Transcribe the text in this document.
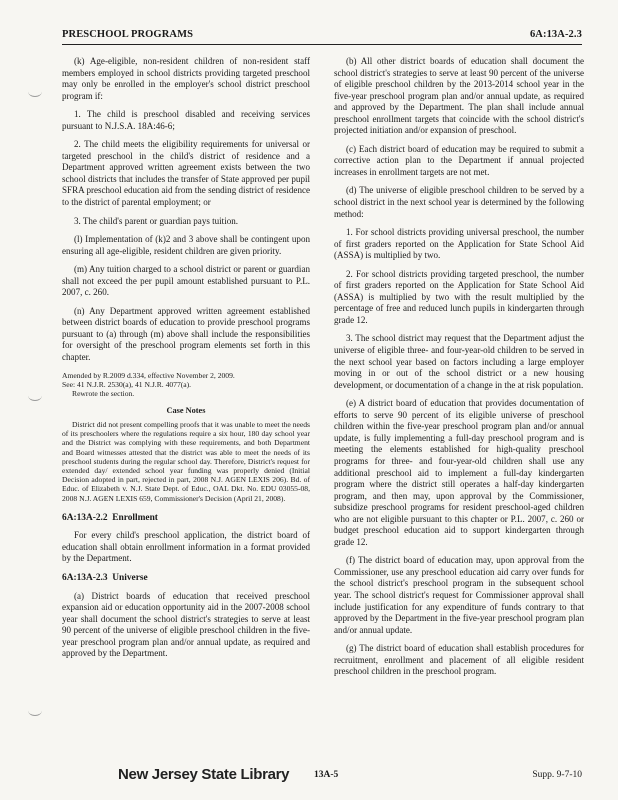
PRESCHOOL PROGRAMS	6A:13A-2.3

(k) Age-eligible, non-resident children of non-resident staff members employed in school districts providing targeted preschool may only be enrolled in the employer's school district preschool program if:

1. The child is preschool disabled and receiving services pursuant to N.J.S.A. 18A:46-6;

2. The child meets the eligibility requirements for universal or targeted preschool in the child's district of residence and a Department approved written agreement exists between the two school districts that includes the transfer of State approved per pupil SFRA preschool education aid from the sending district of residence to the district of parental employment; or

3. The child's parent or guardian pays tuition.

(l) Implementation of (k)2 and 3 above shall be contingent upon ensuring all age-eligible, resident children are given priority.

(m) Any tuition charged to a school district or parent or guardian shall not exceed the per pupil amount established pursuant to P.L. 2007, c. 260.

(n) Any Department approved written agreement established between district boards of education to provide preschool programs pursuant to (a) through (m) above shall include the responsibilities for oversight of the preschool program elements set forth in this chapter.

Amended by R.2009 d.334, effective November 2, 2009.
See: 41 N.J.R. 2530(a), 41 N.J.R. 4077(a).
Rewrote the section.
Case Notes
District did not present compelling proofs that it was unable to meet the needs of its preschoolers where the regulations require a six hour, 180 day school year and the District was complying with these requirements, and both Department and Board witnesses attested that the district was able to meet the needs of its preschool students during the regular school day. Therefore, District's request for extended day/ extended school year funding was properly denied (Initial Decision adopted in part, rejected in part, 2008 N.J. AGEN LEXIS 206). Bd. of Educ. of Elizabeth v. N.J. State Dept. of Educ., OAL Dkt. No. EDU 03055-08, 2008 N.J. AGEN LEXIS 659, Commissioner's Decision (April 21, 2008).
6A:13A-2.2 Enrollment

For every child's preschool application, the district board of education shall obtain enrollment information in a format provided by the Department.

6A:13A-2.3 Universe

(a) District boards of education that received preschool expansion aid or education opportunity aid in the 2007-2008 school year shall document the school district's strategies to serve at least 90 percent of the universe of eligible preschool children in the five-year preschool program plan and/or annual update, as required and approved by the Department.

(b) All other district boards of education shall document the school district's strategies to serve at least 90 percent of the universe of eligible preschool children by the 2013-2014 school year in the five-year preschool program plan and/or annual update, as required and approved by the Department. The plan shall include annual preschool enrollment targets that coincide with the school district's projected initiation and/or expansion of preschool.

(c) Each district board of education may be required to submit a corrective action plan to the Department if annual projected increases in enrollment targets are not met.

(d) The universe of eligible preschool children to be served by a school district in the next school year is determined by the following method:

1. For school districts providing universal preschool, the number of first graders reported on the Application for State School Aid (ASSA) is multiplied by two.

2. For school districts providing targeted preschool, the number of first graders reported on the Application for State School Aid (ASSA) is multiplied by two with the result multiplied by the percentage of free and reduced lunch pupils in kindergarten through grade 12.

3. The school district may request that the Department adjust the universe of eligible three- and four-year-old children to be served in the next school year based on factors including a large employer moving in or out of the school district or a new housing development, or documentation of a change in the at risk population.

(e) A district board of education that provides documentation of efforts to serve 90 percent of its eligible universe of preschool children within the five-year preschool program plan and/or annual update, is fully implementing a full-day preschool program and is meeting the elements established for high-quality preschool programs for three- and four-year-old children shall use any additional preschool aid to implement a full-day kindergarten program where the district still operates a half-day kindergarten program, and then may, upon approval by the Commissioner, subsidize preschool programs for resident preschool-aged children who are not eligible pursuant to this chapter or P.L. 2007, c. 260 or budget preschool education aid to support kindergarten through grade 12.

(f) The district board of education may, upon approval from the Commissioner, use any preschool education aid carry over funds for the school district's preschool program in the subsequent school year. The school district's request for Commissioner approval shall include justification for any expenditure of funds contrary to that approved by the Department in the five-year preschool program plan and/or annual update.

(g) The district board of education shall establish procedures for recruitment, enrollment and placement of all eligible resident preschool children in the preschool program.

New Jersey State Library	13A-5	Supp. 9-7-10
